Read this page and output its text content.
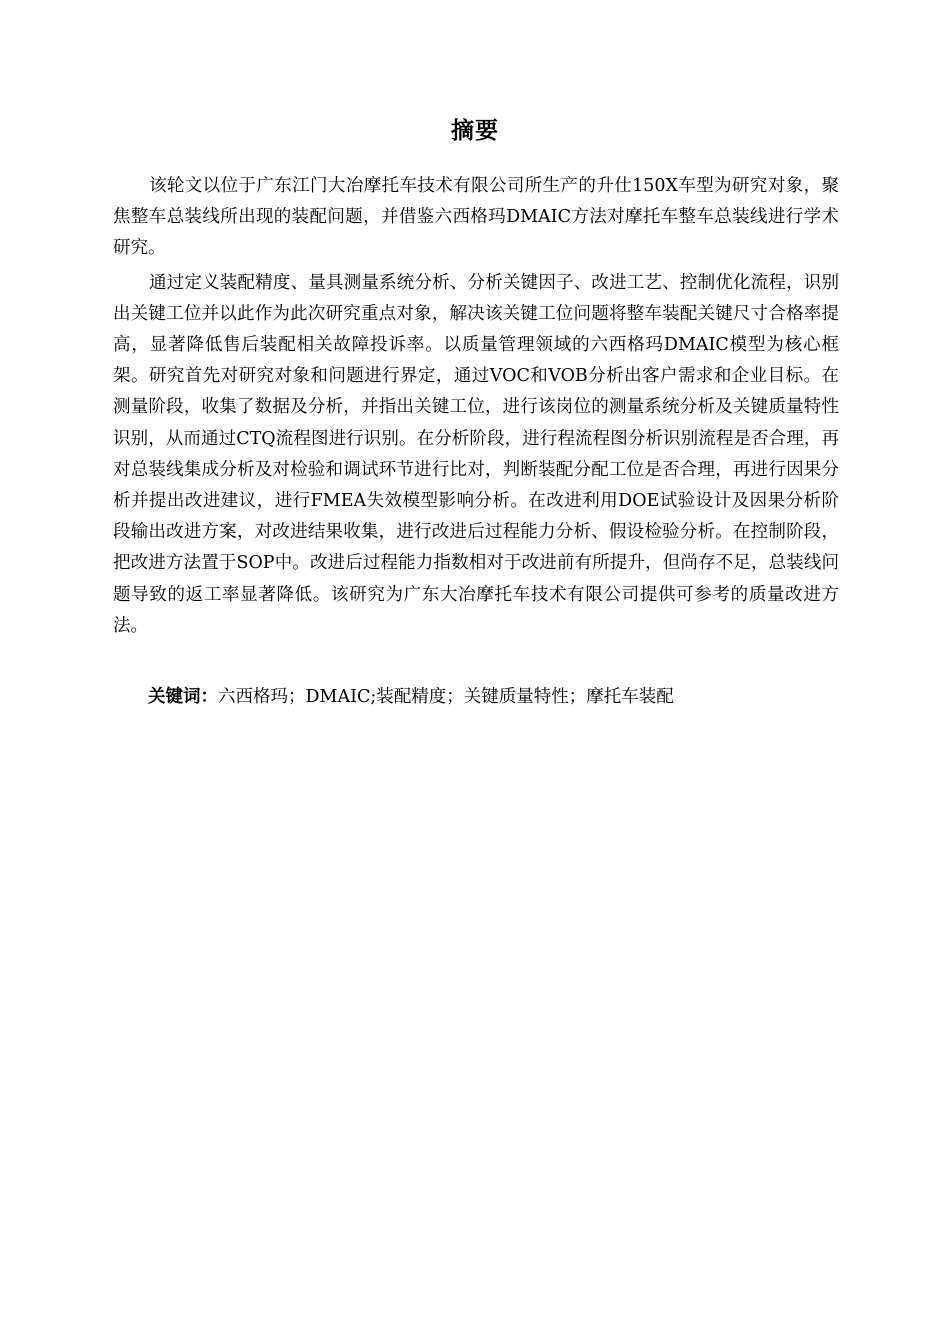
摘要

该轮文以位于广东江门大冶摩托车技术有限公司所生产的升仕150X车型为研究对象，聚焦整车总装线所出现的装配问题，并借鉴六西格玛DMAIC方法对摩托车整车总装线进行学术研究。

通过定义装配精度、量具测量系统分析、分析关键因子、改进工艺、控制优化流程，识别出关键工位并以此作为此次研究重点对象，解决该关键工位问题将整车装配关键尺寸合格率提高，显著降低售后装配相关故障投诉率。以质量管理领域的六西格玛DMAIC模型为核心框架。研究首先对研究对象和问题进行界定，通过VOC和VOB分析出客户需求和企业目标。在测量阶段，收集了数据及分析，并指出关键工位，进行该岗位的测量系统分析及关键质量特性识别，从而通过CTQ流程图进行识别。在分析阶段，进行程流程图分析识别流程是否合理，再对总装线集成分析及对检验和调试环节进行比对，判断装配分配工位是否合理，再进行因果分析并提出改进建议，进行FMEA失效模型影响分析。在改进利用DOE试验设计及因果分析阶段输出改进方案，对改进结果收集，进行改进后过程能力分析、假设检验分析。在控制阶段，把改进方法置于SOP中。改进后过程能力指数相对于改进前有所提升，但尚存不足，总装线问题导致的返工率显著降低。该研究为广东大冶摩托车技术有限公司提供可参考的质量改进方法。

关键词：六西格玛；DMAIC;装配精度；关键质量特性；摩托车装配
